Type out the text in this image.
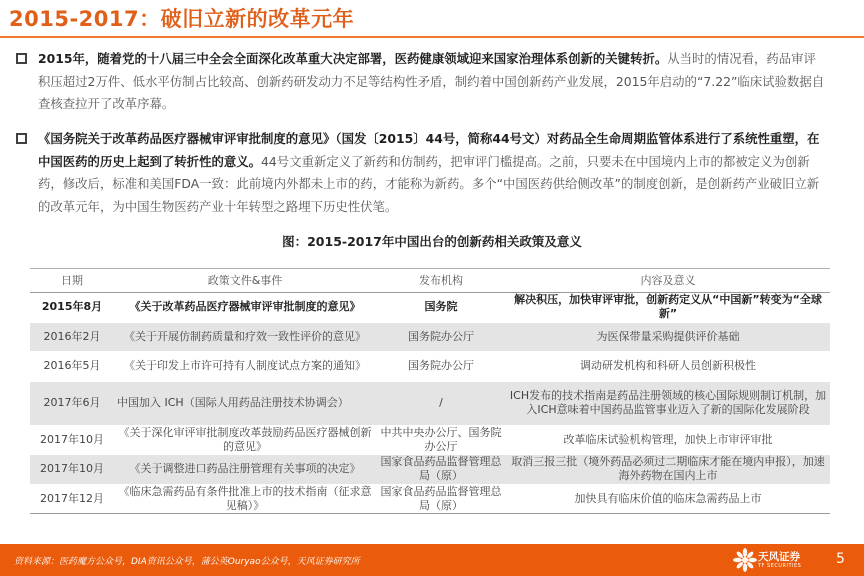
2015-2017：破旧立新的改革元年
2015年，随着党的十八届三中全会全面深化改革重大决定部署，医药健康领域迎来国家治理体系创新的关键转折。从当时的情况看，药品审评积压超过2万件、低水平仿制占比较高、创新药研发动力不足等结构性矛盾，制约着中国创新药产业发展，2015年启动的“7.22”临床试验数据自查核查拉开了改革序幕。
《国务院关于改革药品医疗器械审评审批制度的意见》（国发〔2015〕44号，简称44号文）对药品全生命周期监管体系进行了系统性重塑，在中国医药的历史上起到了转折性的意义。44号文重新定义了新药和仿制药，把审评门槛提高。之前，只要未在中国境内上市的都被定义为创新药，修改后，标准和美国FDA一致：此前境内外都未上市的药，才能称为新药。多个“中国医药供给侧改革”的制度创新，是创新药产业破旧立新的改革元年，为中国生物医药产业十年转型之路埋下历史性伏笔。
图：2015-2017年中国出台的创新药相关政策及意义
日期	政策文件&事件	发布机构	内容及意义
2015年8月	《关于改革药品医疗器械审评审批制度的意见》	国务院	解决积压，加快审评审批，创新药定义从“中国新”转变为“全球新”
2016年2月	《关于开展仿制药质量和疗效一致性评价的意见》	国务院办公厅	为医保带量采购提供评价基础
2016年5月	《关于印发上市许可持有人制度试点方案的通知》	国务院办公厅	调动研发机构和科研人员创新积极性
2017年6月	中国加入 ICH（国际人用药品注册技术协调会）	/	ICH发布的技术指南是药品注册领域的核心国际规则制订机制，加入ICH意味着中国药品监管事业迈入了新的国际化发展阶段
2017年10月	《关于深化审评审批制度改革鼓励药品医疗器械创新的意见》	中共中央办公厅、国务院办公厅	改革临床试验机构管理，加快上市审评审批
2017年10月	《关于调整进口药品注册管理有关事项的决定》	国家食品药品监督管理总局（原）	取消三报三批（境外药品必须过二期临床才能在境内申报），加速海外药物在国内上市
2017年12月	《临床急需药品有条件批准上市的技术指南（征求意见稿）》	国家食品药品监督管理总局（原）	加快具有临床价值的临床急需药品上市
资料来源：医药魔方公众号，DIA资讯公众号，蒲公英Ouryao公众号，天风证券研究所	天风证券
TF SECURITIES 5
